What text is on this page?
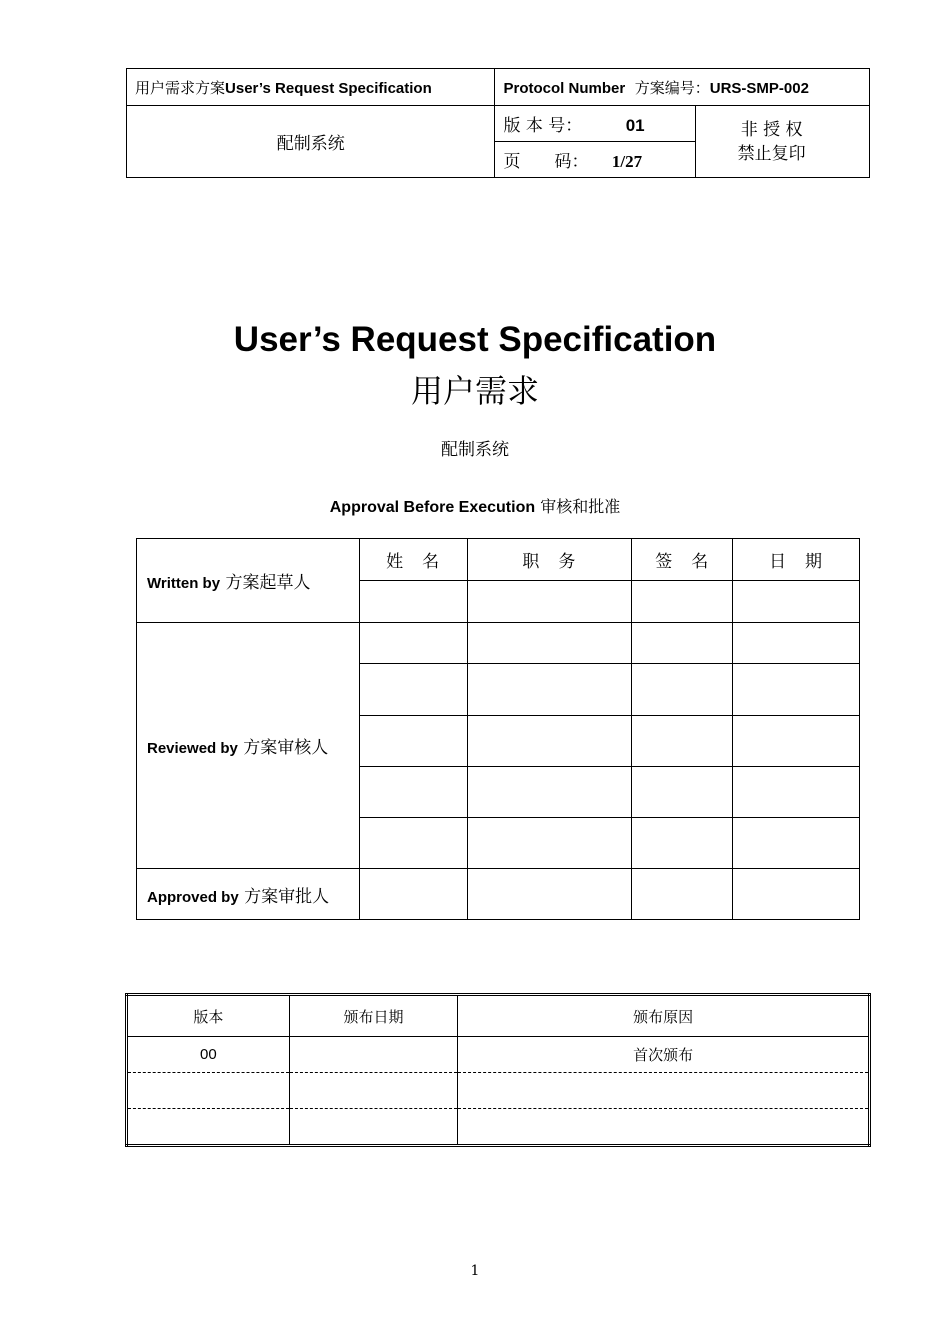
用户需求方案User’s Request Specification	Protocol Number 方案编号：URS-SMP-002	
配制系统	版 本 号： 01	非 授 权
禁止复印

	页　　码： 1/27	
User’s Request Specification
用户需求
配制系统
Approval Before Execution 审核和批准
Written by 方案起草人	姓　名	职　务	签　名	日　期

Reviewed by 方案审核人				

Approved by 方案审批人				
版本	颁布日期	颁布原因
00		首次颁布

1
